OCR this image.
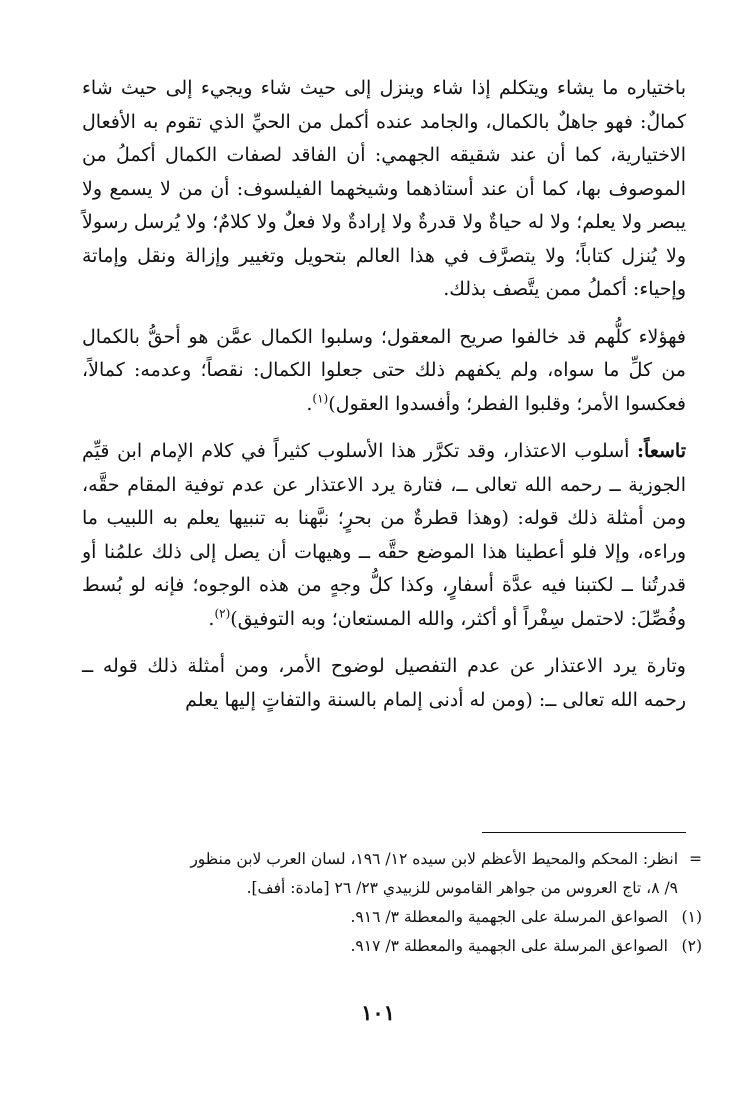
باختياره ما يشاء ويتكلم إذا شاء وينزل إلى حيث شاء ويجيء إلى حيث شاء كمالٌ: فهو جاهلٌ بالكمال، والجامد عنده أكمل من الحيِّ الذي تقوم به الأفعال الاختيارية، كما أن عند شقيقه الجهمي: أن الفاقد لصفات الكمال أكملُ من الموصوف بها، كما أن عند أستاذهما وشيخهما الفيلسوف: أن من لا يسمع ولا يبصر ولا يعلم؛ ولا له حياةٌ ولا قدرةٌ ولا إرادةٌ ولا فعلٌ ولا كلامٌ؛ ولا يُرسل رسولاً ولا يُنزل كتاباً؛ ولا يتصرَّف في هذا العالم بتحويل وتغيير وإزالة ونقل وإماتة وإحياء: أكملُ ممن يتَّصف بذلك.

فهؤلاء كلُّهم قد خالفوا صريح المعقول؛ وسلبوا الكمال عمَّن هو أحقُّ بالكمال من كلِّ ما سواه، ولم يكفهم ذلك حتى جعلوا الكمال: نقصاً؛ وعدمه: كمالاً، فعكسوا الأمر؛ وقلبوا الفطر؛ وأفسدوا العقول)$^{(١)}$.

تاسعاً: أسلوب الاعتذار، وقد تكرَّر هذا الأسلوب كثيراً في كلام الإمام ابن قيِّم الجوزية ــ رحمه الله تعالى ــ، فتارة يرد الاعتذار عن عدم توفية المقام حقَّه، ومن أمثلة ذلك قوله: (وهذا قطرةٌ من بحرٍ؛ نبَّهنا به تنبيها يعلم به اللبيب ما وراءه، وإلا فلو أعطينا هذا الموضع حقَّه ــ وهيهات أن يصل إلى ذلك علمُنا أو قدرتُنا ــ لكتبنا فيه عدَّة أسفارٍ، وكذا كلُّ وجهٍ من هذه الوجوه؛ فإنه لو بُسط وفُصِّلَ: لاحتمل سِفْراً أو أكثر، والله المستعان؛ وبه التوفيق)$^{(٢)}$.

وتارة يرد الاعتذار عن عدم التفصيل لوضوح الأمر، ومن أمثلة ذلك قوله ــ رحمه الله تعالى ــ: (ومن له أدنى إلمام بالسنة والتفاتٍ إليها يعلم

=انظر: المحكم والمحيط الأعظم لابن سيده ١٢/ ١٩٦، لسان العرب لابن منظور

٩/ ٨، تاج العروس من جواهر القاموس للزبيدي ٢٣/ ٢٦ [مادة: أفف].

(١)الصواعق المرسلة على الجهمية والمعطلة ٣/ ٩١٦.

(٢)الصواعق المرسلة على الجهمية والمعطلة ٣/ ٩١٧.

١٠١
